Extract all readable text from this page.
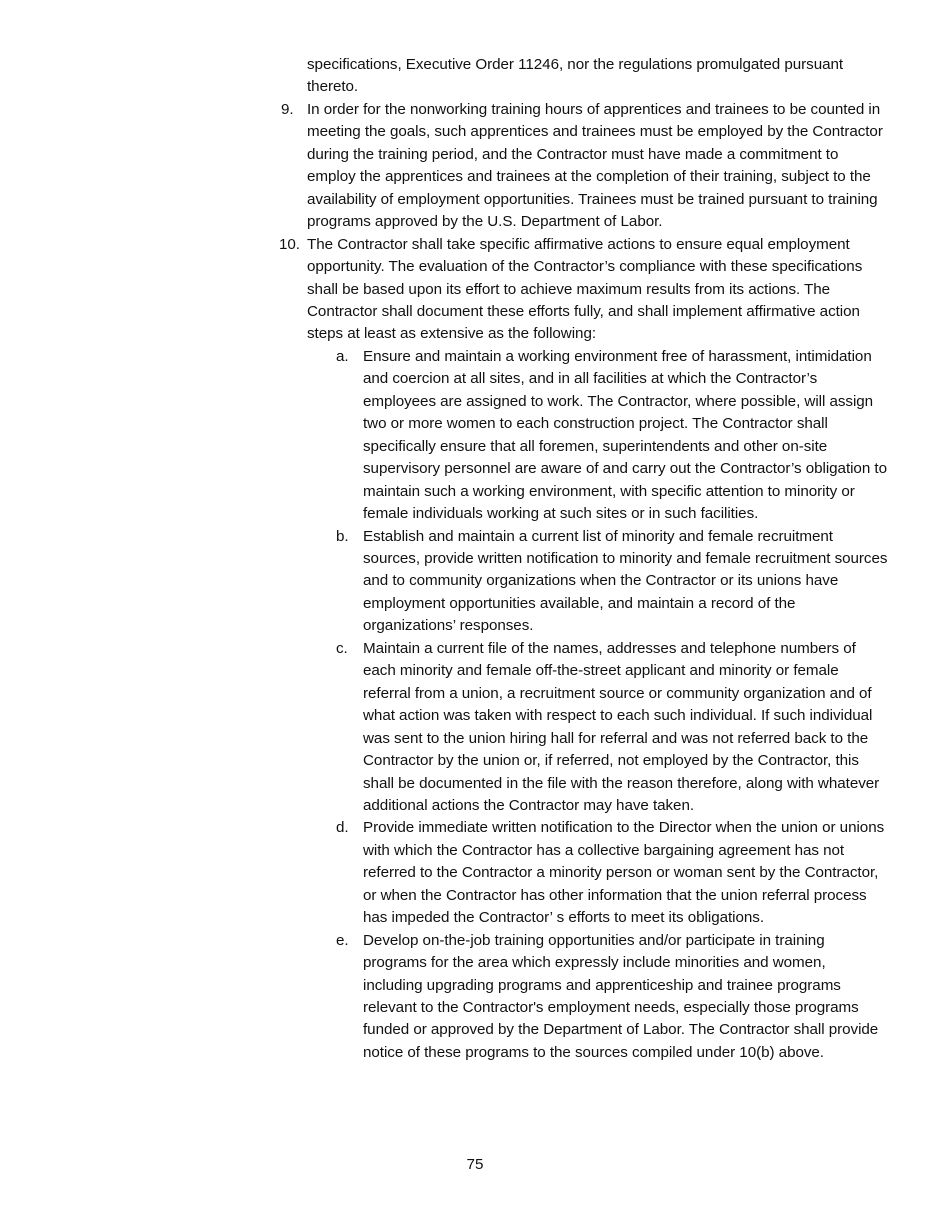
specifications, Executive Order 11246, nor the regulations promulgated pursuant thereto.

9. In order for the nonworking training hours of apprentices and trainees to be counted in meeting the goals, such apprentices and trainees must be employed by the Contractor during the training period, and the Contractor must have made a commitment to employ the apprentices and trainees at the completion of their training, subject to the availability of employment opportunities. Trainees must be trained pursuant to training programs approved by the U.S. Department of Labor.
10. The Contractor shall take specific affirmative actions to ensure equal employment opportunity. The evaluation of the Contractor’s compliance with these specifications shall be based upon its effort to achieve maximum results from its actions. The Contractor shall document these efforts fully, and shall implement affirmative action steps at least as extensive as the following:
a. Ensure and maintain a working environment free of harassment, intimidation and coercion at all sites, and in all facilities at which the Contractor’s employees are assigned to work. The Contractor, where possible, will assign two or more women to each construction project. The Contractor shall specifically ensure that all foremen, superintendents and other on-site supervisory personnel are aware of and carry out the Contractor’s obligation to maintain such a working environment, with specific attention to minority or female individuals working at such sites or in such facilities.
b. Establish and maintain a current list of minority and female recruitment sources, provide written notification to minority and female recruitment sources and to community organizations when the Contractor or its unions have employment opportunities available, and maintain a record of the organizations’ responses.
c. Maintain a current file of the names, addresses and telephone numbers of each minority and female off-the-street applicant and minority or female referral from a union, a recruitment source or community organization and of what action was taken with respect to each such individual. If such individual was sent to the union hiring hall for referral and was not referred back to the Contractor by the union or, if referred, not employed by the Contractor, this shall be documented in the file with the reason therefore, along with whatever additional actions the Contractor may have taken.
d. Provide immediate written notification to the Director when the union or unions with which the Contractor has a collective bargaining agreement has not referred to the Contractor a minority person or woman sent by the Contractor, or when the Contractor has other information that the union referral process has impeded the Contractor’ s efforts to meet its obligations.
e. Develop on-the-job training opportunities and/or participate in training programs for the area which expressly include minorities and women, including upgrading programs and apprenticeship and trainee programs relevant to the Contractor's employment needs, especially those programs funded or approved by the Department of Labor. The Contractor shall provide notice of these programs to the sources compiled under 10(b) above.
75
